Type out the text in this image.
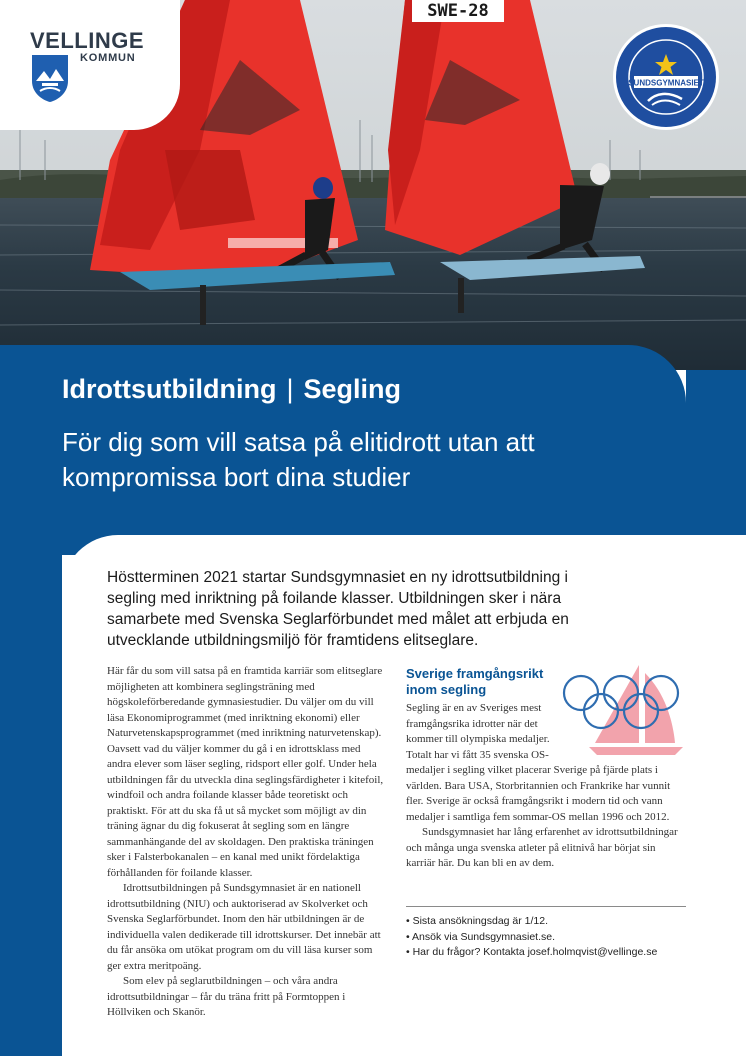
SWE-28
VELLINGE
KOMMUN
SUNDSGYMNASIET
Idrottsutbildning | Segling
För dig som vill satsa på elitidrott utan att kompromissa bort dina studier
Höstterminen 2021 startar Sundsgymnasiet en ny idrottsutbildning i segling med inriktning på foilande klasser. Utbildningen sker i nära samarbete med Svenska Seglarförbundet med målet att erbjuda en utvecklande utbildningsmiljö för framtidens elitseglare.

Här får du som vill satsa på en framtida karriär som elitseglare möjligheten att kombinera seglingsträning med högskoleförberedande gymnasiestudier. Du väljer om du vill läsa Ekonomiprogrammet (med inriktning ekonomi) eller Naturvetenskapsprogrammet (med inriktning naturvetenskap). Oavsett vad du väljer kommer du gå i en idrottsklass med andra elever som läser segling, ridsport eller golf. Under hela utbildningen får du utveckla dina seglingsfärdigheter i kitefoil, windfoil och andra foilande klasser både teoretiskt och praktiskt. För att du ska få ut så mycket som möjligt av din träning ägnar du dig fokuserat åt segling som en längre sammanhängande del av skoldagen. Den praktiska träningen sker i Falsterbokanalen – en kanal med unikt fördelaktiga förhållanden för foilande klasser.

Idrottsutbildningen på Sundsgymnasiet är en nationell idrottsutbildning (NIU) och auktoriserad av Skolverket och Svenska Seglarförbundet. Inom den här utbildningen är de individuella valen dedikerade till idrottskurser. Det innebär att du får ansöka om utökat program om du vill läsa kurser som ger extra meritpoäng.

Som elev på seglarutbildningen – och våra andra idrottsutbildningar – får du träna fritt på Formtoppen i Höllviken och Skanör.

Sverige framgångsrikt inom segling

Segling är en av Sveriges mest framgångsrika idrotter när det kommer till olympiska medaljer. Totalt har vi fått 35 svenska OS-medaljer i segling vilket placerar Sverige på fjärde plats i världen. Bara USA, Storbritannien och Frankrike har vunnit fler. Sverige är också framgångsrikt i modern tid och vann medaljer i samtliga fem sommar-OS mellan 1996 och 2012.

Sundsgymnasiet har lång erfarenhet av idrottsutbildningar och många unga svenska atleter på elitnivå har börjat sin karriär här. Du kan bli en av dem.

• Sista ansökningsdag är 1/12.
• Ansök via Sundsgymnasiet.se.
• Har du frågor? Kontakta josef.holmqvist@vellinge.se
